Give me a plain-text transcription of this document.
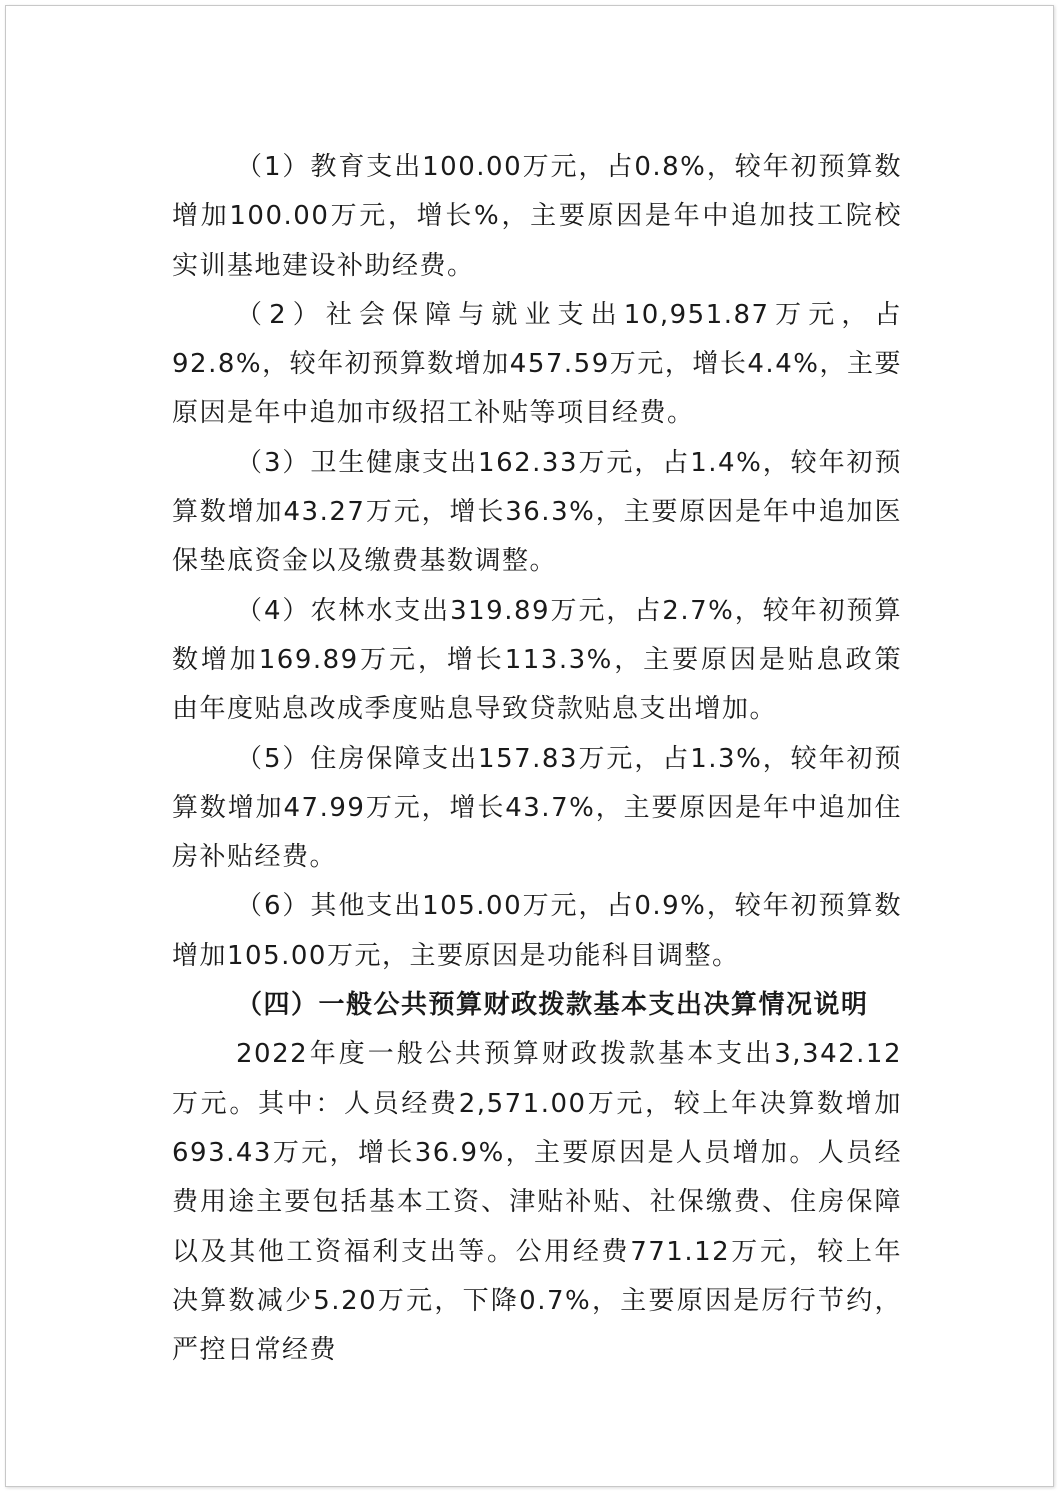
（1）教育支出100.00万元，占0.8%，较年初预算数增加100.00万元，增长%，主要原因是年中追加技工院校实训基地建设补助经费。

（2）社会保障与就业支出10,951.87万元，占92.8%，较年初预算数增加457.59万元，增长4.4%，主要原因是年中追加市级招工补贴等项目经费。

（3）卫生健康支出162.33万元，占1.4%，较年初预算数增加43.27万元，增长36.3%，主要原因是年中追加医保垫底资金以及缴费基数调整。

（4）农林水支出319.89万元，占2.7%，较年初预算数增加169.89万元，增长113.3%，主要原因是贴息政策由年度贴息改成季度贴息导致贷款贴息支出增加。

（5）住房保障支出157.83万元，占1.3%，较年初预算数增加47.99万元，增长43.7%，主要原因是年中追加住房补贴经费。

（6）其他支出105.00万元，占0.9%，较年初预算数增加105.00万元，主要原因是功能科目调整。

（四）一般公共预算财政拨款基本支出决算情况说明

2022年度一般公共预算财政拨款基本支出3,342.12万元。其中：人员经费2,571.00万元，较上年决算数增加693.43万元，增长36.9%，主要原因是人员增加。人员经费用途主要包括基本工资、津贴补贴、社保缴费、住房保障以及其他工资福利支出等。公用经费771.12万元，较上年决算数减少5.20万元，下降0.7%，主要原因是厉行节约，严控日常经费
